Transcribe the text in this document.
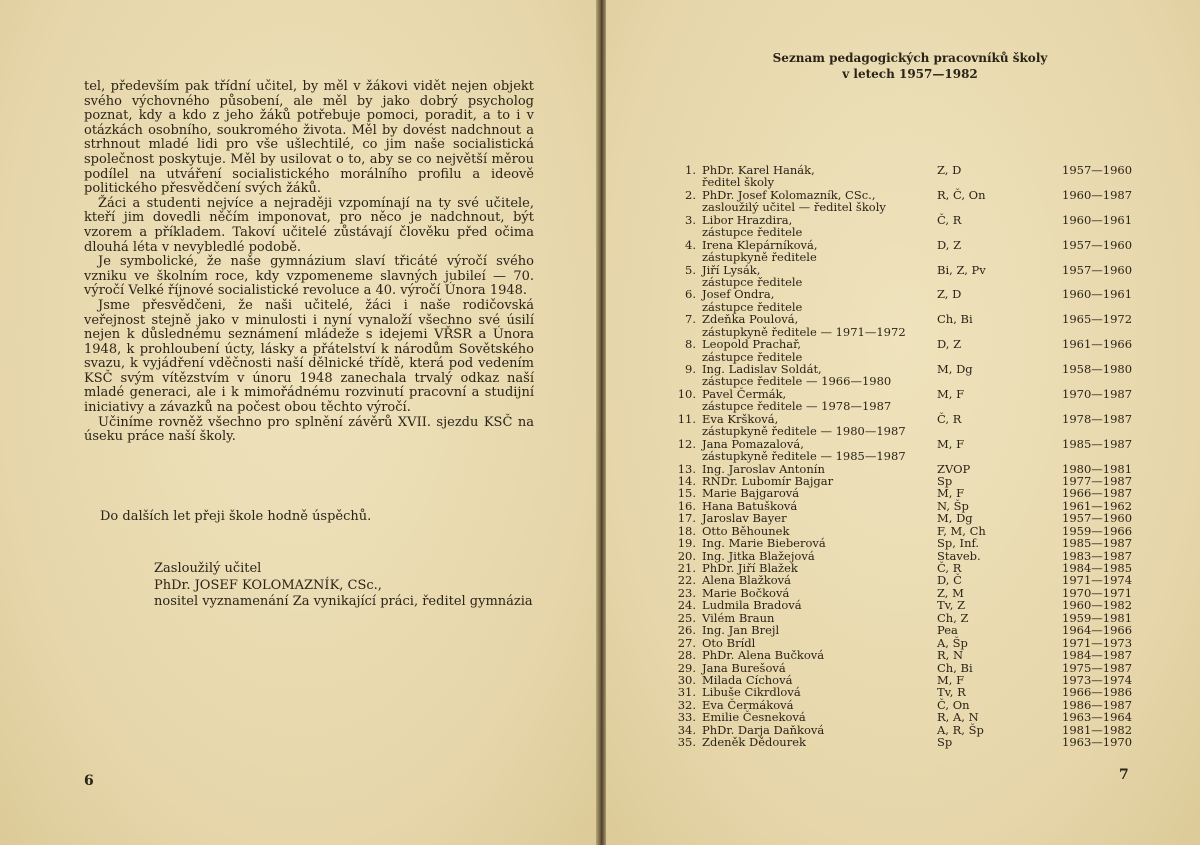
tel, především pak třídní učitel, by měl v žákovi vidět nejen objekt svého výchovného působení, ale měl by jako dobrý psycholog poznat, kdy a kdo z jeho žáků potřebuje pomoci, poradit, a to i v otázkách osobního, soukromého života. Měl by dovést nadchnout a strhnout mladé lidi pro vše ušlechtilé, co jim naše socialistická společnost poskytuje. Měl by usilovat o to, aby se co největší měrou podílel na utváření socialistického morálního profilu a ideově politického přesvědčení svých žáků.

Žáci a studenti nejvíce a nejraději vzpomínají na ty své učitele, kteří jim dovedli něčím imponovat, pro něco je nadchnout, být vzorem a příkladem. Takoví učitelé zůstávají člověku před očima dlouhá léta v nevybledlé podobě.

Je symbolické, že naše gymnázium slaví třicáté výročí svého vzniku ve školním roce, kdy vzpomeneme slavných jubileí — 70. výročí Velké říjnové socialistické revoluce a 40. výročí Února 1948.

Jsme přesvědčeni, že naši učitelé, žáci i naše rodičovská veřejnost stejně jako v minulosti i nyní vynaloží všechno své úsilí nejen k důslednému seznámení mládeže s idejemi VŘSR a Února 1948, k prohloubení úcty, lásky a přátelství k národům Sovětského svazu, k vyjádření vděčnosti naší dělnické třídě, která pod vedením KSČ svým vítězstvím v únoru 1948 zanechala trvalý odkaz naší mladé generaci, ale i k mimořádnému rozvinutí pracovní a studijní iniciativy a závazků na počest obou těchto výročí.

Učiníme rovněž všechno pro splnění závěrů XVII. sjezdu KSČ na úseku práce naší školy.

Do dalších let přeji škole hodně úspěchů.
Zasloužilý učitel
PhDr. JOSEF KOLOMAZNÍK, CSc.,
nositel vyznamenání Za vynikající práci, ředitel gymnázia
6	7
Seznam pedagogických pracovníků školy
v letech 1957—1982
1. PhDr. Karel Hanák,	Z, D	1957—1960
ředitel školy
2. PhDr. Josef Kolomazník, CSc.,	R, Č, On	1960—1987
zasloužilý učitel — ředitel školy
3. Libor Hrazdira,	Č, R	1960—1961
zástupce ředitele
4. Irena Klepárníková,	D, Z	1957—1960
zástupkyně ředitele
5. Jiří Lysák,	Bi, Z, Pv	1957—1960
zástupce ředitele
6. Josef Ondra,	Z, D	1960—1961
zástupce ředitele
7. Zdeňka Poulová,	Ch, Bi	1965—1972
zástupkyně ředitele — 1971—1972
8. Leopold Prachař,	D, Z	1961—1966
zástupce ředitele
9. Ing. Ladislav Soldát,	M, Dg	1958—1980
zástupce ředitele — 1966—1980
10. Pavel Čermák,	M, F	1970—1987
zástupce ředitele — 1978—1987
11. Eva Kršková,	Č, R	1978—1987
zástupkyně ředitele — 1980—1987
12. Jana Pomazalová,	M, F	1985—1987
zástupkyně ředitele — 1985—1987
13. Ing. Jaroslav Antonín	ZVOP	1980—1981
14. RNDr. Lubomír Bajgar	Sp	1977—1987
15. Marie Bajgarová	M, F	1966—1987
16. Hana Batušková	N, Šp	1961—1962
17. Jaroslav Bayer	M, Dg	1957—1960
18. Otto Běhounek	F, M, Ch	1959—1966
19. Ing. Marie Bieberová	Sp, Inf.	1985—1987
20. Ing. Jitka Blažejová	Staveb.	1983—1987
21. PhDr. Jiří Blažek	Č, R	1984—1985
22. Alena Blažková	D, Č	1971—1974
23. Marie Bočková	Z, M	1970—1971
24. Ludmila Bradová	Tv, Z	1960—1982
25. Vilém Braun	Ch, Z	1959—1981
26. Ing. Jan Brejl	Pea	1964—1966
27. Oto Brídl	A, Šp	1971—1973
28. PhDr. Alena Bučková	R, N	1984—1987
29. Jana Burešová	Ch, Bi	1975—1987
30. Milada Cíchová	M, F	1973—1974
31. Libuše Cikrdlová	Tv, R	1966—1986
32. Eva Čermáková	Č, On	1986—1987
33. Emilie Česneková	R, A, N	1963—1964
34. PhDr. Darja Daňková	A, R, Šp	1981—1982
35. Zdeněk Dědourek	Sp	1963—1970
